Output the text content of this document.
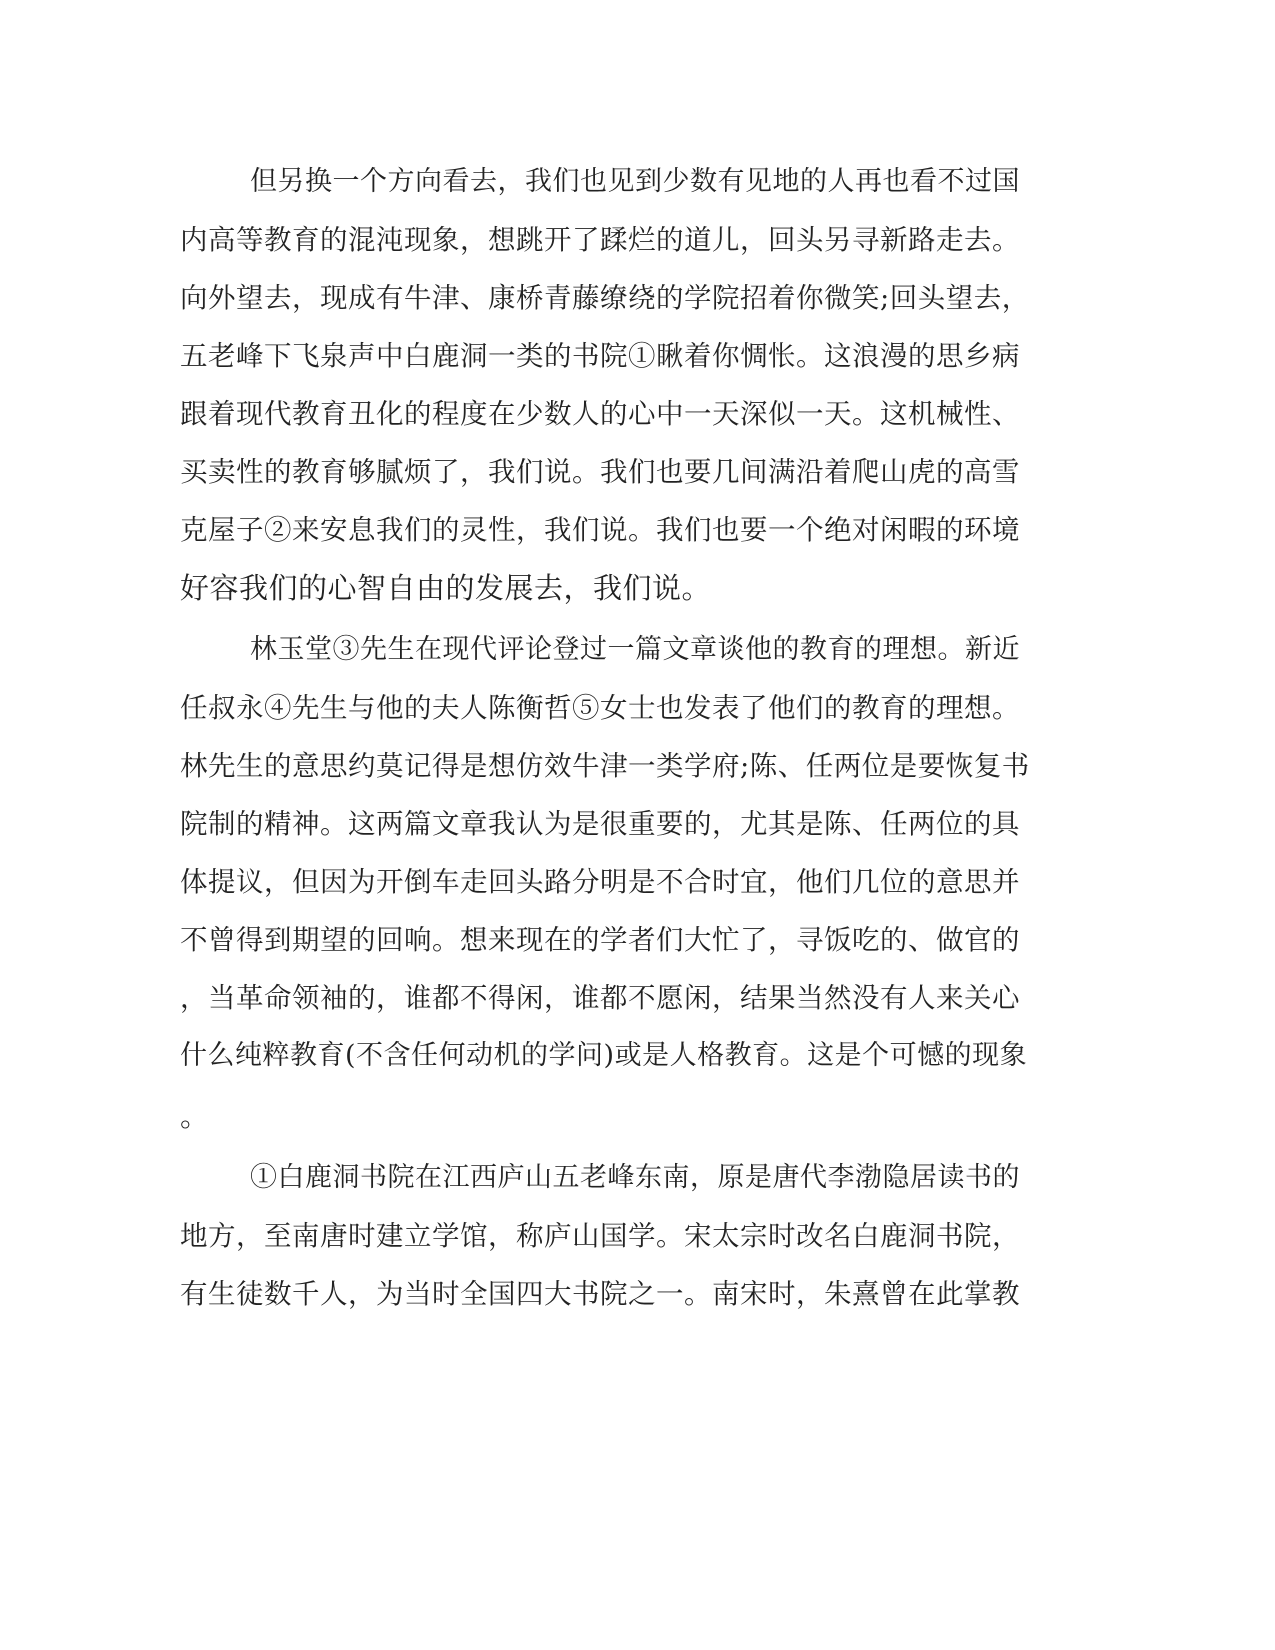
但另换一个方向看去，我们也见到少数有见地的人再也看不过国
内高等教育的混沌现象，想跳开了蹂烂的道儿，回头另寻新路走去。
向外望去，现成有牛津、康桥青藤缭绕的学院招着你微笑;回头望去，
五老峰下飞泉声中白鹿洞一类的书院①瞅着你惆怅。这浪漫的思乡病
跟着现代教育丑化的程度在少数人的心中一天深似一天。这机械性、
买卖性的教育够腻烦了，我们说。我们也要几间满沿着爬山虎的高雪
克屋子②来安息我们的灵性，我们说。我们也要一个绝对闲暇的环境
好容我们的心智自由的发展去，我们说。
林玉堂③先生在现代评论登过一篇文章谈他的教育的理想。新近
任叔永④先生与他的夫人陈衡哲⑤女士也发表了他们的教育的理想。
林先生的意思约莫记得是想仿效牛津一类学府;陈、任两位是要恢复书
院制的精神。这两篇文章我认为是很重要的，尤其是陈、任两位的具
体提议，但因为开倒车走回头路分明是不合时宜，他们几位的意思并
不曾得到期望的回响。想来现在的学者们大忙了，寻饭吃的、做官的
，当革命领袖的，谁都不得闲，谁都不愿闲，结果当然没有人来关心
什么纯粹教育(不含任何动机的学问)或是人格教育。这是个可憾的现象
。
①白鹿洞书院在江西庐山五老峰东南，原是唐代李渤隐居读书的
地方，至南唐时建立学馆，称庐山国学。宋太宗时改名白鹿洞书院，
有生徒数千人，为当时全国四大书院之一。南宋时，朱熹曾在此掌教
